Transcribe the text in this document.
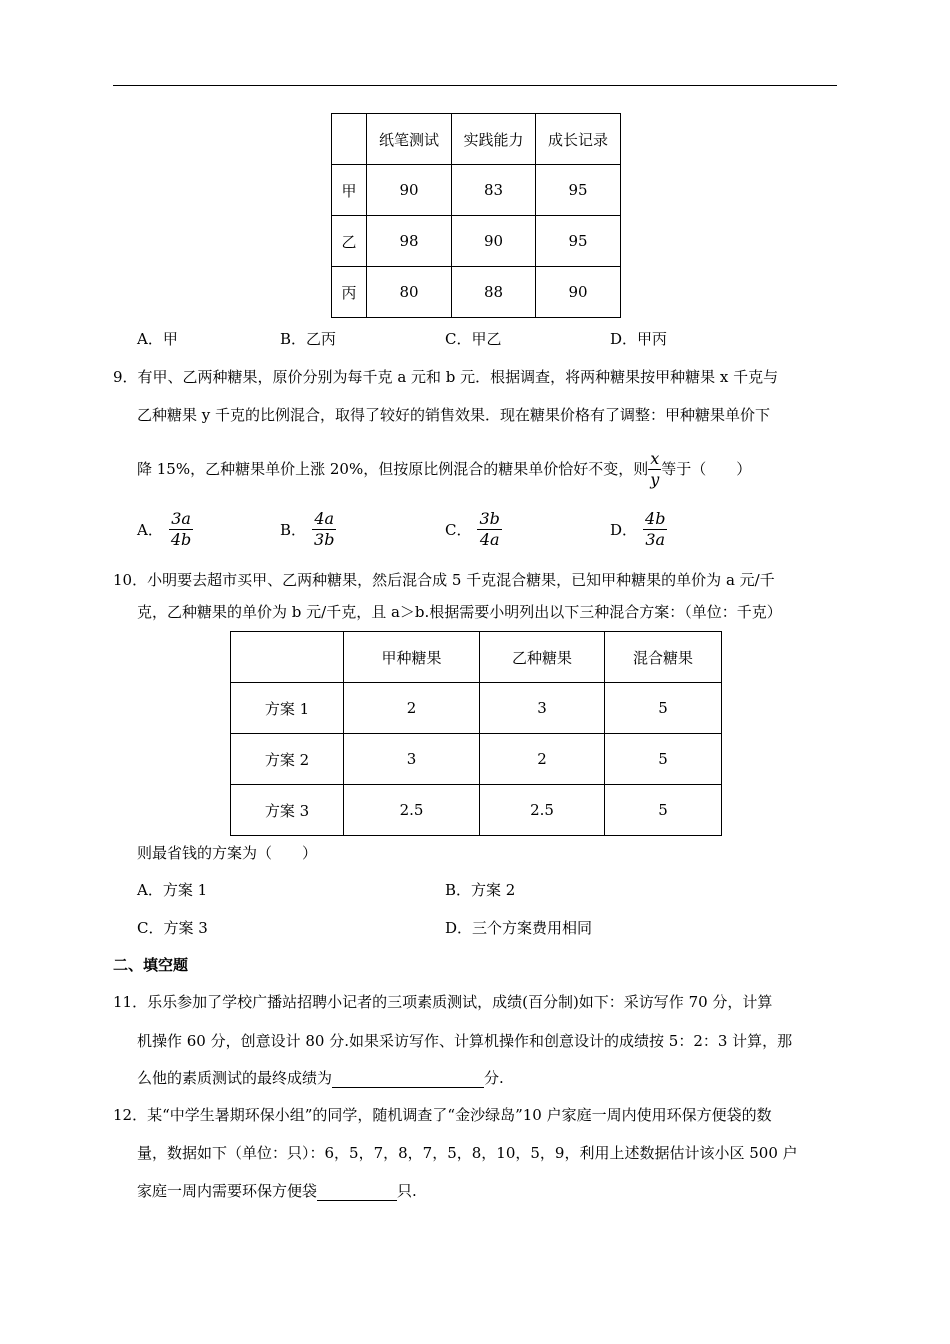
	纸笔测试	实践能力	成长记录
甲	90	83	95
乙	98	90	95
丙	80	88	90
A．甲	B．乙丙	C．甲乙	D．甲丙
9．有甲、乙两种糖果，原价分别为每千克 a 元和 b 元．根据调查，将两种糖果按甲种糖果 x 千克与
乙种糖果 y 千克的比例混合，取得了较好的销售效果．现在糖果价格有了调整：甲种糖果单价下
降 15%，乙种糖果单价上涨 20%，但按原比例混合的糖果单价恰好不变，则 $\frac{x}{y}$ 等于（　　）
A． $\frac{3a}{4b}$	B． $\frac{4a}{3b}$	C． $\frac{3b}{4a}$	D． $\frac{4b}{3a}$
10．小明要去超市买甲、乙两种糖果，然后混合成 5 千克混合糖果，已知甲种糖果的单价为 a 元/千
克，乙种糖果的单价为 b 元/千克，且 a＞b.根据需要小明列出以下三种混合方案：（单位：千克）
	甲种糖果	乙种糖果	混合糖果
方案 1	2	3	5
方案 2	3	2	5
方案 3	2.5	2.5	5
则最省钱的方案为（　　）
A．方案 1	B．方案 2
C．方案 3	D．三个方案费用相同
二、填空题
11．乐乐参加了学校广播站招聘小记者的三项素质测试，成绩(百分制)如下：采访写作 70 分，计算
机操作 60 分，创意设计 80 分.如果采访写作、计算机操作和创意设计的成绩按 5：2：3 计算，那
么他的素质测试的最终成绩为	分.
12．某“中学生暑期环保小组”的同学，随机调查了“金沙绿岛”10 户家庭一周内使用环保方便袋的数
量，数据如下（单位：只）：6，5，7，8，7，5，8，10，5，9，利用上述数据估计该小区 500 户
家庭一周内需要环保方便袋	只.
